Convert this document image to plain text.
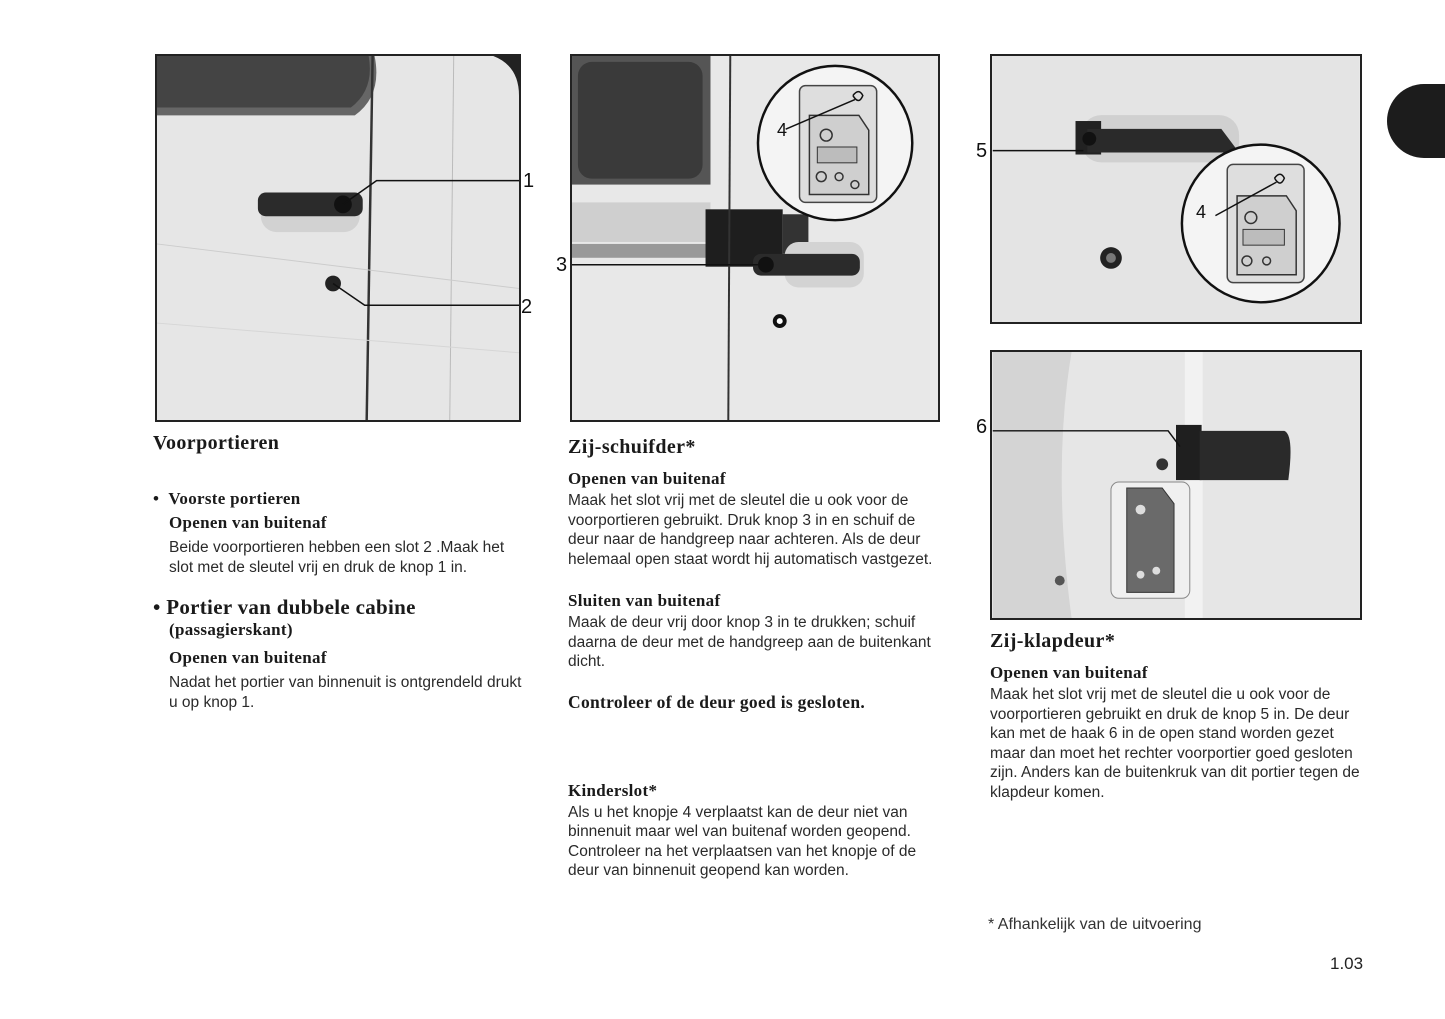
1
2
3
4
5
4
6

Voorportieren

• Voorste portieren

Openen van buitenaf

Beide voorportieren hebben een slot 2 .Maak het slot met de sleutel vrij en druk de knop 1 in.

• Portier van dubbele cabine

(passagierskant)

Openen van buitenaf

Nadat het portier van binnenuit is ontgrendeld drukt u op knop 1.

Zij-schuifder*

Openen van buitenaf

Maak het slot vrij met de sleutel die u ook voor de voorportieren gebruikt. Druk knop 3 in en schuif de deur naar de handgreep naar achteren. Als de deur helemaal open staat wordt hij automatisch vastgezet.

Sluiten van buitenaf

Maak de deur vrij door knop 3 in te drukken; schuif daarna de deur met de handgreep aan de buitenkant dicht.

Controleer of de deur goed is gesloten.

Kinderslot*

Als u het knopje 4 verplaatst kan de deur niet van binnenuit maar wel van buitenaf worden geopend. Controleer na het verplaatsen van het knopje of de deur van binnenuit geopend kan worden.

Zij-klapdeur*

Openen van buitenaf

Maak het slot vrij met de sleutel die u ook voor de voorportieren gebruikt en druk de knop 5 in. De deur kan met de haak 6 in de open stand worden gezet maar dan moet het rechter voorportier goed gesloten zijn. Anders kan de buitenkruk van dit portier tegen de klapdeur komen.

* Afhankelijk van de uitvoering
1.03
